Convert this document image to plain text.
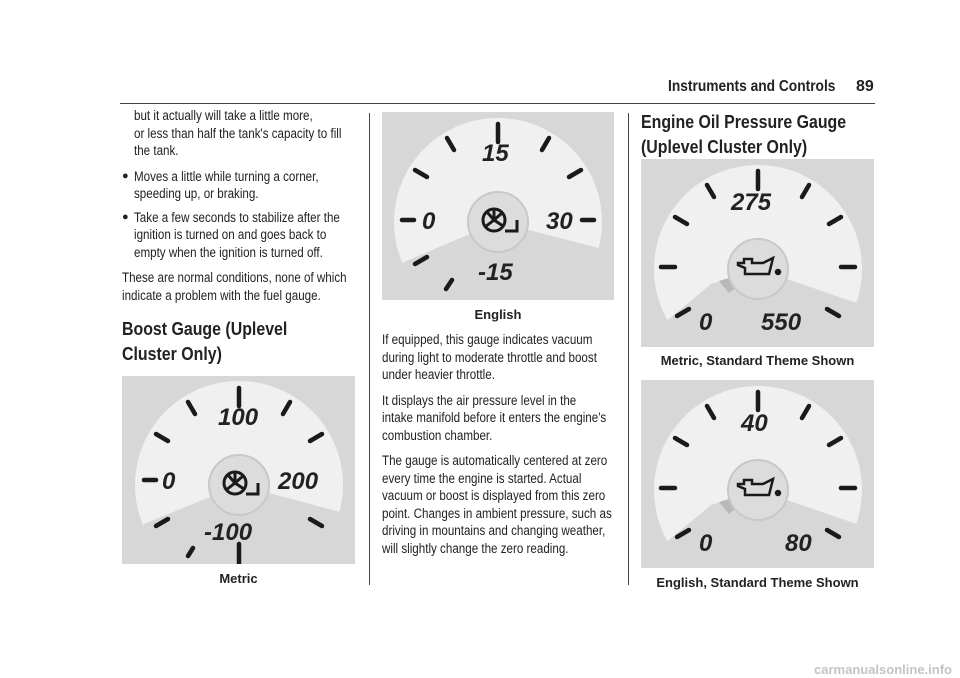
Instruments and Controls 89
but it actually will take a little more,
or less than half the tank's capacity to fill
the tank.
● Moves a little while turning a corner,
speeding up, or braking.
● Take a few seconds to stabilize after the
ignition is turned on and goes back to
empty when the ignition is turned off.
These are normal conditions, none of which
indicate a problem with the fuel gauge.
Boost Gauge (Uplevel
Cluster Only)
100
0	200
-100
Metric
15
0	30
-15
English
If equipped, this gauge indicates vacuum
during light to moderate throttle and boost
under heavier throttle.
It displays the air pressure level in the
intake manifold before it enters the engine's
combustion chamber.
The gauge is automatically centered at zero
every time the engine is started. Actual
vacuum or boost is displayed from this zero
point. Changes in ambient pressure, such as
driving in mountains and changing weather,
will slightly change the zero reading.
Engine Oil Pressure Gauge
(Uplevel Cluster Only)
275
0 550
Metric, Standard Theme Shown
40
0	80
English, Standard Theme Shown
carmanualsonline.info
